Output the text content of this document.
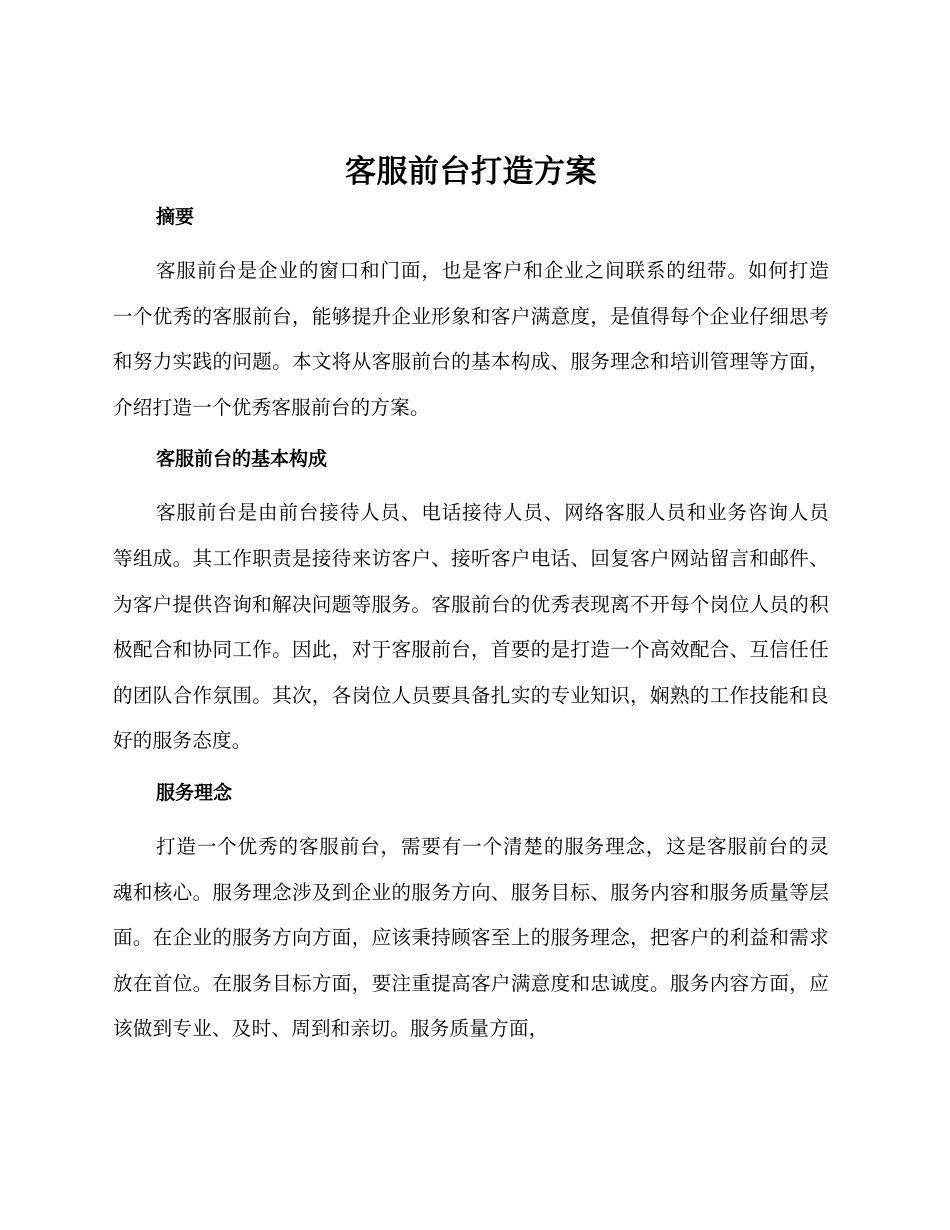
客服前台打造方案
摘要

客服前台是企业的窗口和门面，也是客户和企业之间联系的纽带。如何打造一个优秀的客服前台，能够提升企业形象和客户满意度，是值得每个企业仔细思考和努力实践的问题。本文将从客服前台的基本构成、服务理念和培训管理等方面，介绍打造一个优秀客服前台的方案。

客服前台的基本构成

客服前台是由前台接待人员、电话接待人员、网络客服人员和业务咨询人员等组成。其工作职责是接待来访客户、接听客户电话、回复客户网站留言和邮件、为客户提供咨询和解决问题等服务。客服前台的优秀表现离不开每个岗位人员的积极配合和协同工作。因此，对于客服前台，首要的是打造一个高效配合、互信任任的团队合作氛围。其次，各岗位人员要具备扎实的专业知识，娴熟的工作技能和良好的服务态度。

服务理念

打造一个优秀的客服前台，需要有一个清楚的服务理念，这是客服前台的灵魂和核心。服务理念涉及到企业的服务方向、服务目标、服务内容和服务质量等层面。在企业的服务方向方面，应该秉持顾客至上的服务理念，把客户的利益和需求放在首位。在服务目标方面，要注重提高客户满意度和忠诚度。服务内容方面，应该做到专业、及时、周到和亲切。服务质量方面，
